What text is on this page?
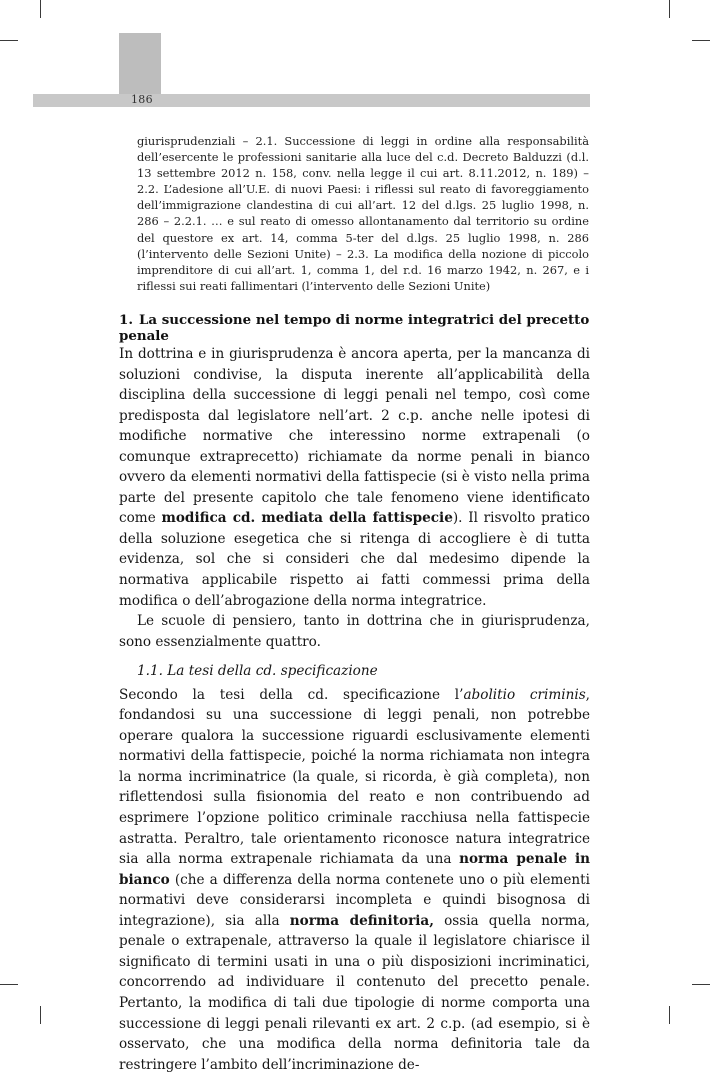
186
giurisprudenziali – 2.1. Successione di leggi in ordine alla responsabilità dell’esercente le professioni sanitarie alla luce del c.d. Decreto Balduzzi (d.l. 13 settembre 2012 n. 158, conv. nella legge il cui art. 8.11.2012, n. 189) – 2.2. L’adesione all’U.E. di nuovi Paesi: i riflessi sul reato di favoreggiamento dell’immigrazione clandestina di cui all’art. 12 del d.lgs. 25 luglio 1998, n. 286 – 2.2.1. … e sul reato di omesso allontanamento dal territorio su ordine del questore ex art. 14, comma 5-ter del d.lgs. 25 luglio 1998, n. 286 (l’intervento delle Sezioni Unite) – 2.3. La modifica della nozione di piccolo imprenditore di cui all’art. 1, comma 1, del r.d. 16 marzo 1942, n. 267, e i riflessi sui reati fallimentari (l’intervento delle Sezioni Unite)
1. La successione nel tempo di norme integratrici del precetto penale

In dottrina e in giurisprudenza è ancora aperta, per la mancanza di soluzioni condivise, la disputa inerente all’applicabilità della disciplina della successione di leggi penali nel tempo, così come predisposta dal legislatore nell’art. 2 c.p. anche nelle ipotesi di modifiche normative che interessino norme extrapenali (o comunque extraprecetto) richiamate da norme penali in bianco ovvero da elementi normativi della fattispecie (si è visto nella prima parte del presente capitolo che tale fenomeno viene identificato come modifica cd. mediata della fattispecie). Il risvolto pratico della soluzione esegetica che si ritenga di accogliere è di tutta evidenza, sol che si consideri che dal medesimo dipende la normativa applicabile rispetto ai fatti commessi prima della modifica o dell’abrogazione della norma integratrice.

Le scuole di pensiero, tanto in dottrina che in giurisprudenza, sono essenzialmente quattro.

1.1. La tesi della cd. specificazione

Secondo la tesi della cd. specificazione l’abolitio criminis, fondandosi su una successione di leggi penali, non potrebbe operare qualora la successione riguardi esclusivamente elementi normativi della fattispecie, poiché la norma richiamata non integra la norma incriminatrice (la quale, si ricorda, è già completa), non riflettendosi sulla fisionomia del reato e non contribuendo ad esprimere l’opzione politico criminale racchiusa nella fattispecie astratta. Peraltro, tale orientamento riconosce natura integratrice sia alla norma extrapenale richiamata da una norma penale in bianco (che a differenza della norma contenete uno o più elementi normativi deve considerarsi incompleta e quindi bisognosa di integrazione), sia alla norma definitoria, ossia quella norma, penale o extrapenale, attraverso la quale il legislatore chiarisce il significato di termini usati in una o più disposizioni incriminatici, concorrendo ad individuare il contenuto del precetto penale. Pertanto, la modifica di tali due tipologie di norme comporta una successione di leggi penali rilevanti ex art. 2 c.p. (ad esempio, si è osservato, che una modifica della norma definitoria tale da restringere l’ambito dell’incriminazione de-
